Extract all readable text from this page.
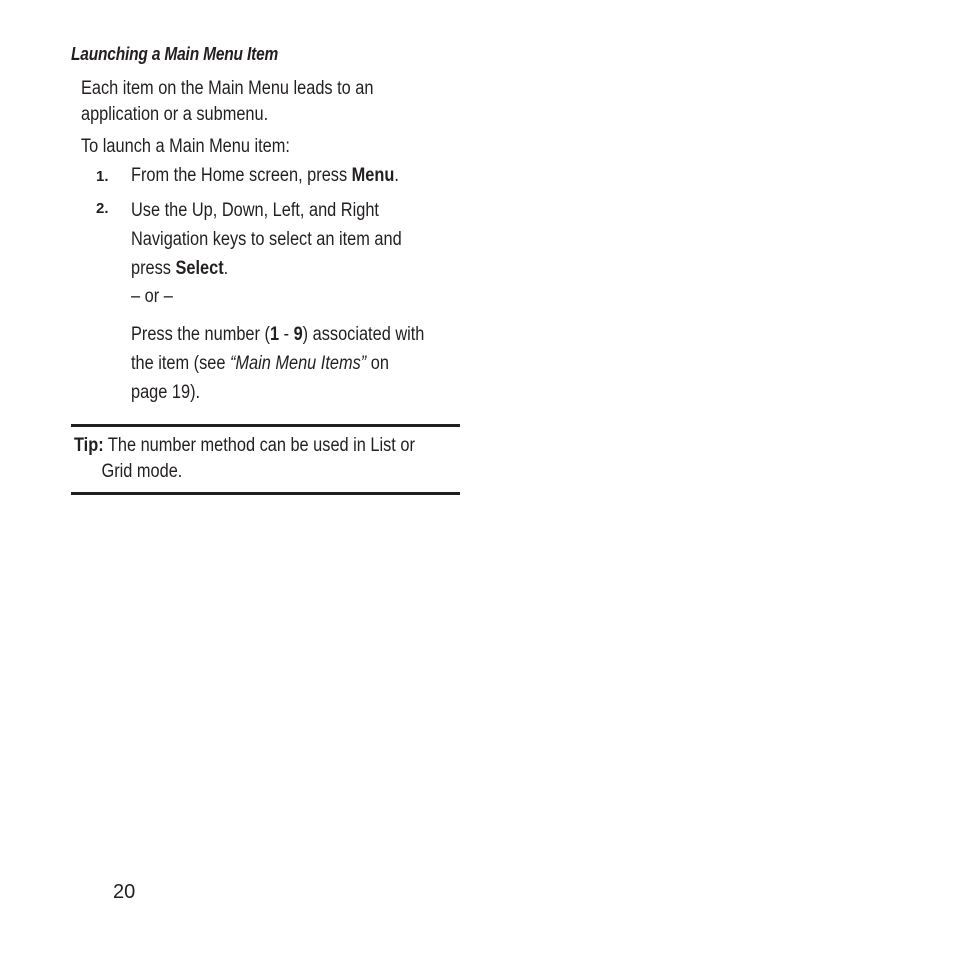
Launching a Main Menu Item
Each item on the Main Menu leads to an
application or a submenu.
To launch a Main Menu item:
1. From the Home screen, press Menu.
2. Use the Up, Down, Left, and Right
Navigation keys to select an item and
press Select.
– or –
Press the number (1 - 9) associated with
the item (see “Main Menu Items” on
page 19).
Tip: The number method can be used in List or
Grid mode.
20
